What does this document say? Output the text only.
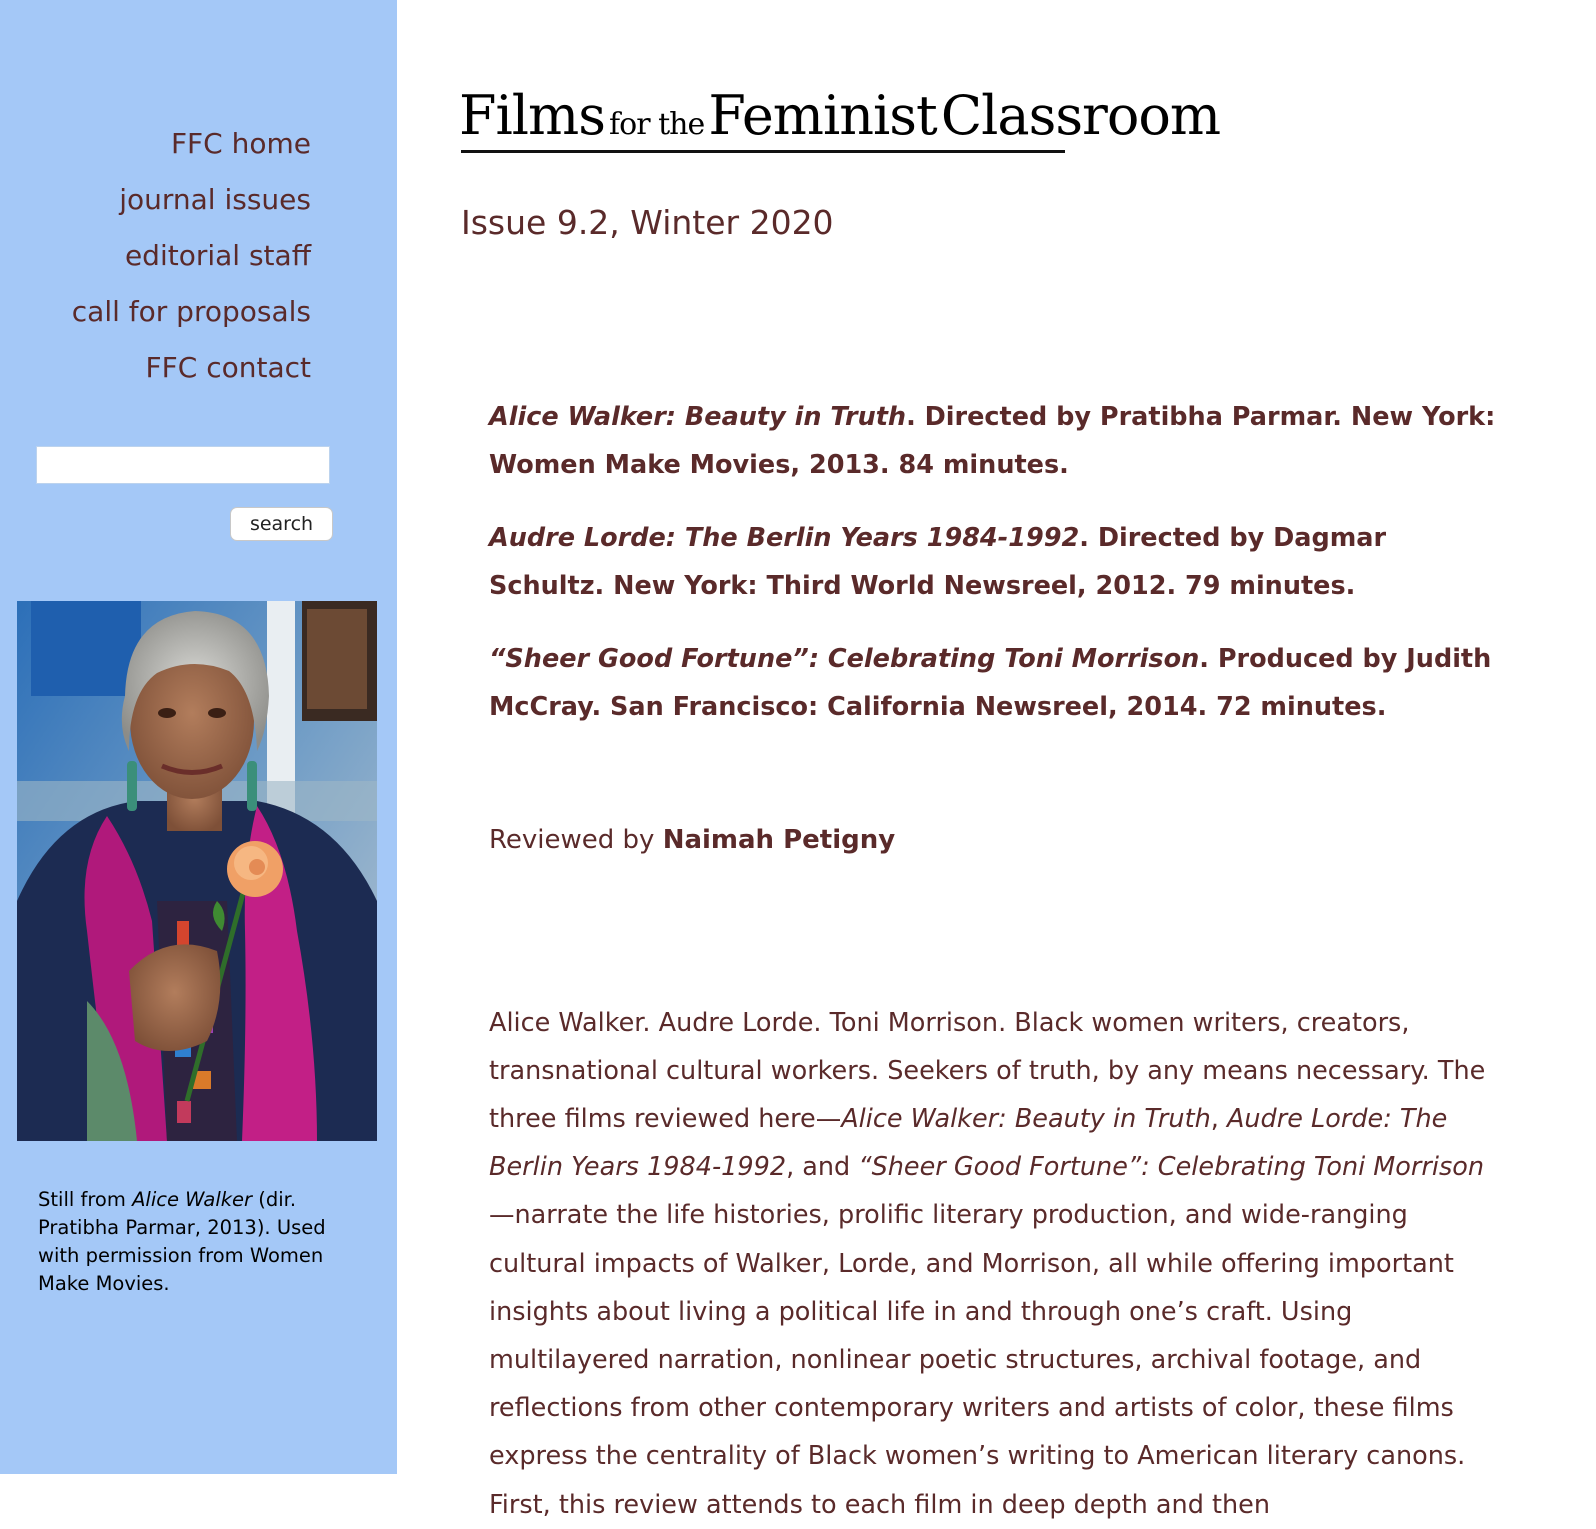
FFC home
journal issues
editorial staff
call for proposals
FFC contact
search
Still from Alice Walker (dir. Pratibha Parmar, 2013). Used with permission from Women Make Movies.
Films for the Feminist Classroom
Issue 9.2, Winter 2020

Alice Walker: Beauty in Truth. Directed by Pratibha Parmar. New York: Women Make Movies, 2013. 84 minutes.

Audre Lorde: The Berlin Years 1984-1992. Directed by Dagmar Schultz. New York: Third World Newsreel, 2012. 79 minutes.

“Sheer Good Fortune”: Celebrating Toni Morrison. Produced by Judith McCray. San Francisco: California Newsreel, 2014. 72 minutes.

Reviewed by Naimah Petigny

Alice Walker. Audre Lorde. Toni Morrison. Black women writers, creators, transnational cultural workers. Seekers of truth, by any means necessary. The three films reviewed here—Alice Walker: Beauty in Truth, Audre Lorde: The Berlin Years 1984-1992, and “Sheer Good Fortune”: Celebrating Toni Morrison—narrate the life histories, prolific literary production, and wide-ranging cultural impacts of Walker, Lorde, and Morrison, all while offering important insights about living a political life in and through one’s craft. Using multilayered narration, nonlinear poetic structures, archival footage, and reflections from other contemporary writers and artists of color, these films express the centrality of Black women’s writing to American literary canons. First, this review attends to each film in deep depth and then
